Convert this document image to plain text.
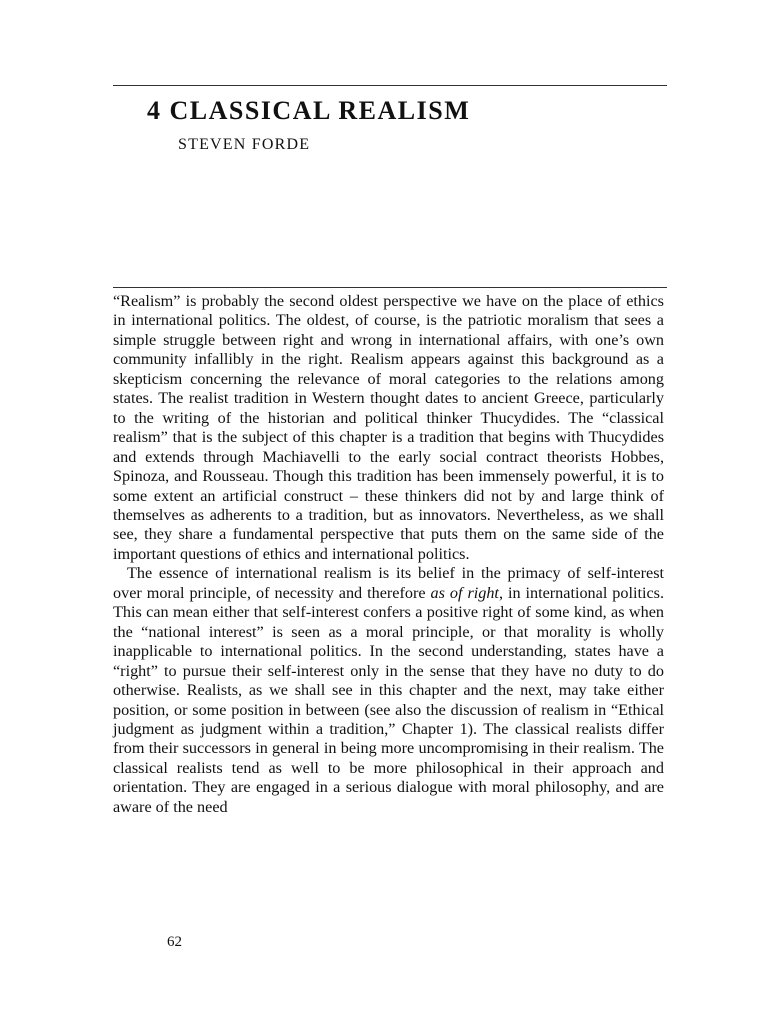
4 CLASSICAL REALISM
STEVEN FORDE

“Realism” is probably the second oldest perspective we have on the place of ethics in international politics. The oldest, of course, is the patriotic moralism that sees a simple struggle between right and wrong in international affairs, with one’s own community infallibly in the right. Realism appears against this background as a skepticism concerning the relevance of moral categories to the relations among states. The realist tradition in Western thought dates to ancient Greece, particularly to the writing of the historian and political thinker Thucydides. The “classical realism” that is the subject of this chapter is a tradition that begins with Thucydides and extends through Machiavelli to the early social contract theorists Hobbes, Spinoza, and Rousseau. Though this tradition has been immensely powerful, it is to some extent an artificial construct – these thinkers did not by and large think of themselves as adherents to a tradition, but as innovators. Nevertheless, as we shall see, they share a fundamental perspective that puts them on the same side of the important questions of ethics and international politics.

The essence of international realism is its belief in the primacy of self-interest over moral principle, of necessity and therefore as of right, in international politics. This can mean either that self-interest confers a positive right of some kind, as when the “national interest” is seen as a moral principle, or that morality is wholly inapplicable to international politics. In the second understanding, states have a “right” to pursue their self-interest only in the sense that they have no duty to do otherwise. Realists, as we shall see in this chapter and the next, may take either position, or some position in between (see also the discussion of realism in “Ethical judgment as judgment within a tradition,” Chapter 1). The classical realists differ from their successors in general in being more uncompromising in their realism. The classical realists tend as well to be more philosophical in their approach and orientation. They are engaged in a serious dialogue with moral philosophy, and are aware of the need

62
